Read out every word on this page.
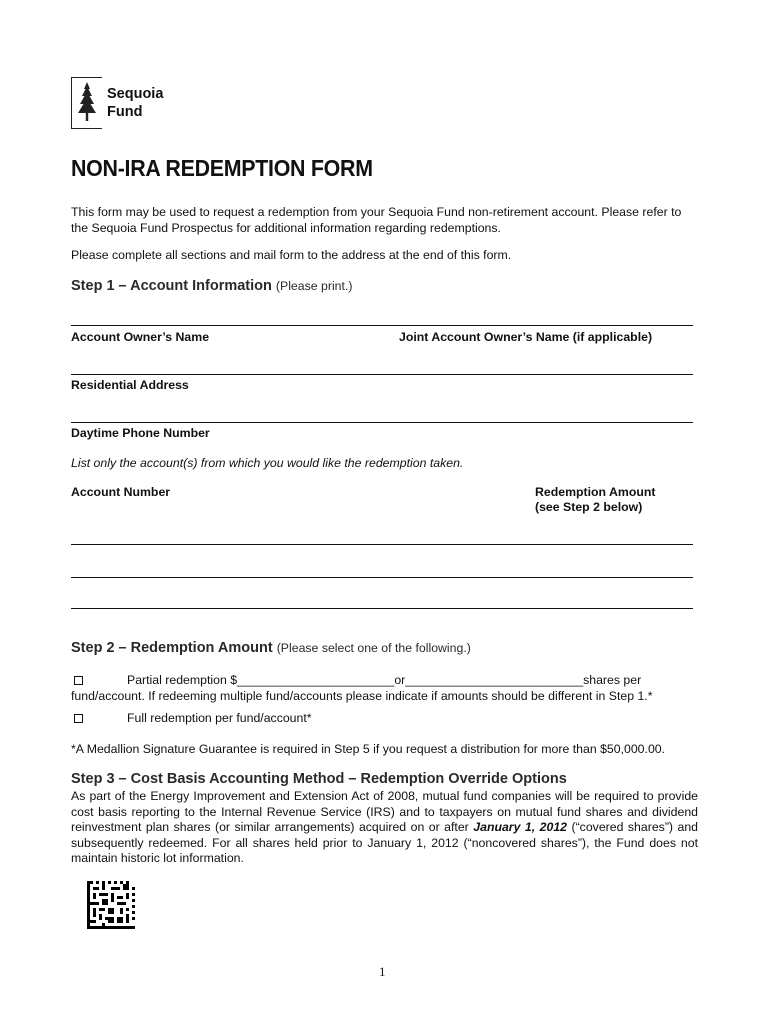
Sequoia
Fund
NON-IRA REDEMPTION FORM
This form may be used to request a redemption from your Sequoia Fund non-retirement account. Please refer to the Sequoia Fund Prospectus for additional information regarding redemptions.
Please complete all sections and mail form to the address at the end of this form.
Step 1 – Account Information (Please print.)
Account Owner’s Name	Joint Account Owner’s Name (if applicable)
Residential Address
Daytime Phone Number
List only the account(s) from which you would like the redemption taken.
Account Number	Redemption Amount
(see Step 2 below)
Step 2 – Redemption Amount (Please select one of the following.)
Partial redemption $_______________________or__________________________shares per
fund/account. If redeeming multiple fund/accounts please indicate if amounts should be different in Step 1.*
Full redemption per fund/account*
*A Medallion Signature Guarantee is required in Step 5 if you request a distribution for more than $50,000.00.
Step 3 – Cost Basis Accounting Method – Redemption Override Options
As part of the Energy Improvement and Extension Act of 2008, mutual fund companies will be required to provide cost basis reporting to the Internal Revenue Service (IRS) and to taxpayers on mutual fund shares and dividend reinvestment plan shares (or similar arrangements) acquired on or after January 1, 2012 (“covered shares”) and subsequently redeemed. For all shares held prior to January 1, 2012 (“noncovered shares”), the Fund does not maintain historic lot information.
1
